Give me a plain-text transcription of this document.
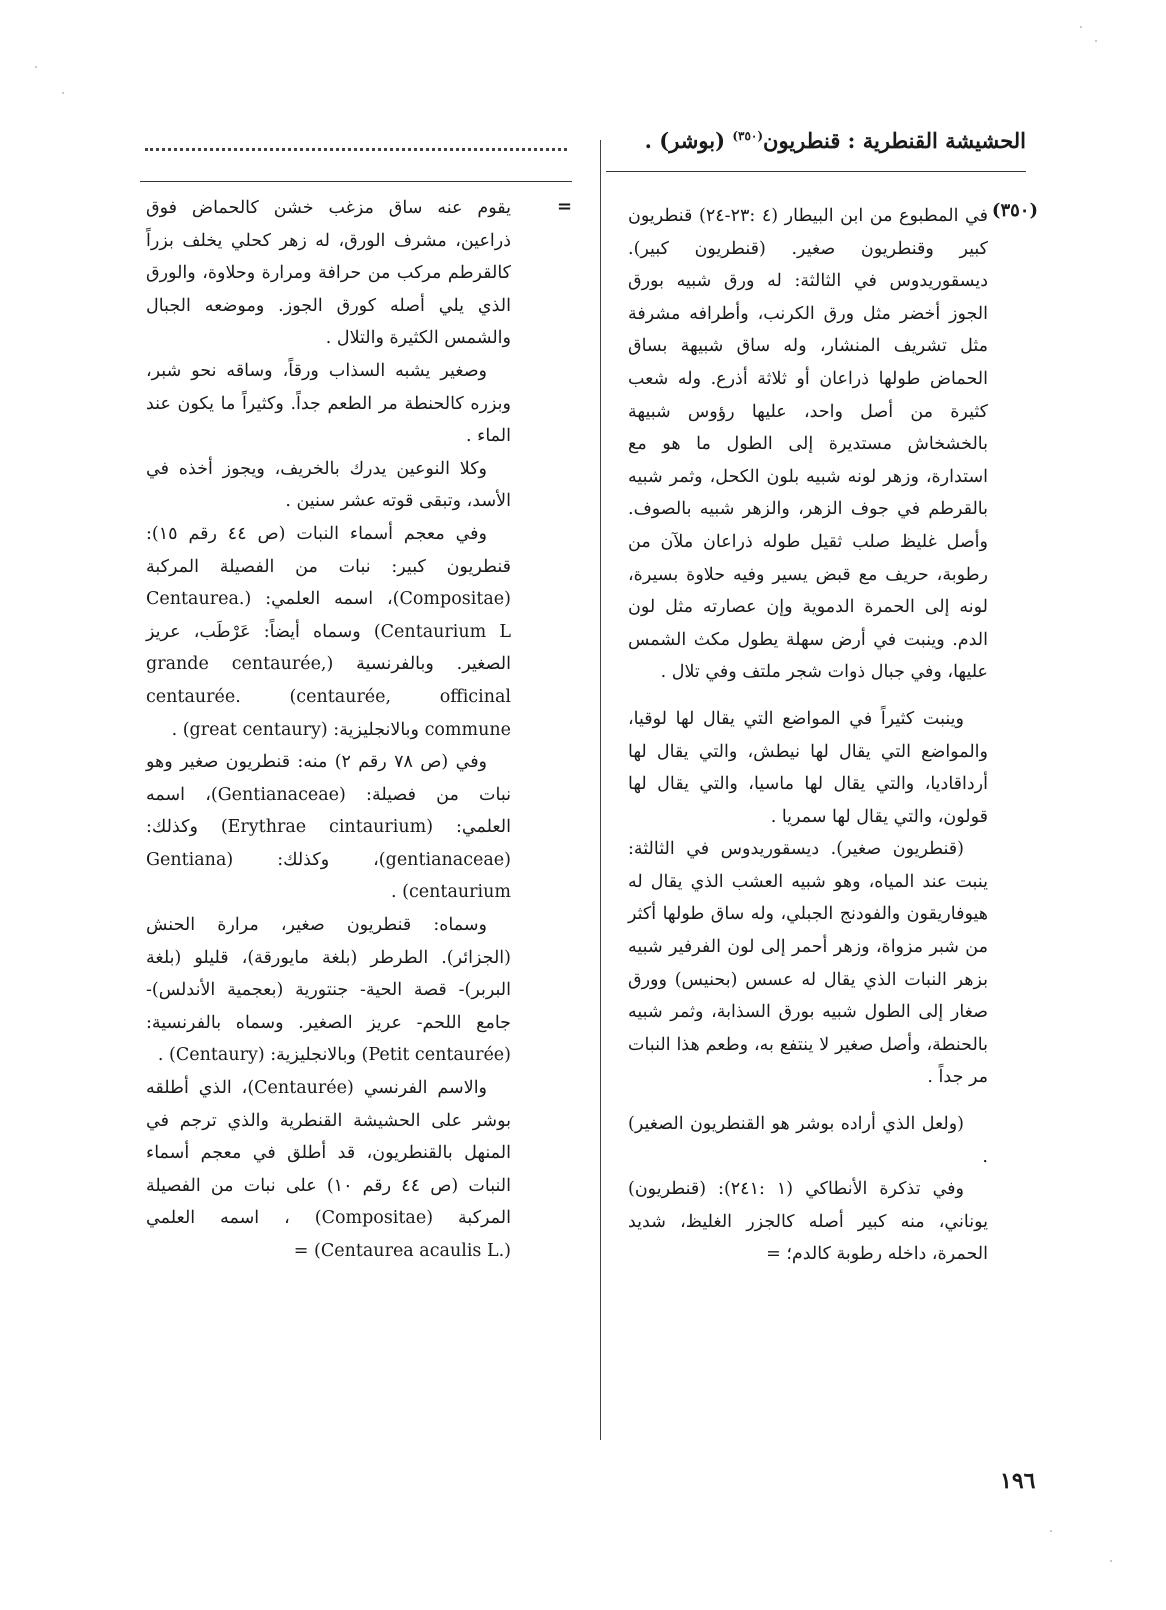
الحشيشة القنطرية : قنطريون$^{(٣٥٠)}$ (بوشر) .
(٣٥٠)

في المطبوع من ابن البيطار (٤ :٢٣-٢٤) قنطريون كبير وقنطريون صغير. (قنطريون كبير). ديسقوريدوس في الثالثة: له ورق شبيه بورق الجوز أخضر مثل ورق الكرنب، وأطرافه مشرفة مثل تشريف المنشار، وله ساق شبيهة بساق الحماض طولها ذراعان أو ثلاثة أذرع. وله شعب كثيرة من أصل واحد، عليها رؤوس شبيهة بالخشخاش مستديرة إلى الطول ما هو مع استدارة، وزهر لونه شبيه بلون الكحل، وثمر شبيه بالقرطم في جوف الزهر، والزهر شبيه بالصوف. وأصل غليظ صلب ثقيل طوله ذراعان ملآن من رطوبة، حريف مع قبض يسير وفيه حلاوة بسيرة، لونه إلى الحمرة الدموية وإن عصارته مثل لون الدم. وينبت في أرض سهلة يطول مكث الشمس عليها، وفي جبال ذوات شجر ملتف وفي تلال .

وينبت كثيراً في المواضع التي يقال لها لوقيا، والمواضع التي يقال لها نيطش، والتي يقال لها أرداقاديا، والتي يقال لها ماسيا، والتي يقال لها قولون، والتي يقال لها سمريا .

(قنطريون صغير). ديسقوريدوس في الثالثة: ينبت عند المياه، وهو شبيه العشب الذي يقال له هيوفاريقون والفودنج الجبلي، وله ساق طولها أكثر من شبر مزواة، وزهر أحمر إلى لون الفرفير شبيه بزهر النبات الذي يقال له عسس (بحنيس) وورق صغار إلى الطول شبيه بورق السذابة، وثمر شبيه بالحنطة، وأصل صغير لا ينتفع به، وطعم هذا النبات مر جداً .

(ولعل الذي أراده بوشر هو القنطريون الصغير) .

وفي تذكرة الأنطاكي (١ :٢٤١): (قنطريون) يوناني، منه كبير أصله كالجزر الغليظ، شديد الحمرة، داخله رطوبة كالدم؛ =

=

يقوم عنه ساق مزغب خشن كالحماض فوق ذراعين، مشرف الورق، له زهر كحلي يخلف بزراً كالقرطم مركب من حرافة ومرارة وحلاوة، والورق الذي يلي أصله كورق الجوز. وموضعه الجبال والشمس الكثيرة والتلال .

وصغير يشبه السذاب ورقاً، وساقه نحو شبر، وبزره كالحنطة مر الطعم جداً. وكثيراً ما يكون عند الماء .

وكلا النوعين يدرك بالخريف، ويجوز أخذه في الأسد، وتبقى قوته عشر سنين .

وفي معجم أسماء النبات (ص ٤٤ رقم ١٥): قنطريون كبير: نبات من الفصيلة المركبة (Compositae)، اسمه العلمي: (.Centaurea Centaurium L) وسماه أيضاً: عَرْطَب، عريز الصغير. وبالفرنسية (grande centaurée, centaurée, officinal) .centaurée commune وبالانجليزية: (great centaury) .

وفي (ص ٧٨ رقم ٢) منه: قنطريون صغير وهو نبات من فصيلة: (Gentianaceae)، اسمه العلمي: (Erythrae cintaurium) وكذلك: (gentianaceae)، وكذلك: (Gentiana centaurium) .

وسماه: قنطريون صغير، مرارة الحنش (الجزائر). الطرطر (بلغة مايورقة)، قليلو (بلغة البربر)- قصة الحية- جنتورية (بعجمية الأندلس)- جامع اللحم- عريز الصغير. وسماه بالفرنسية: (Petit centaurée) وبالانجليزية: (Centaury) .

والاسم الفرنسي (Centaurée)، الذي أطلقه بوشر على الحشيشة القنطرية والذي ترجم في المنهل بالقنطريون، قد أطلق في معجم أسماء النبات (ص ٤٤ رقم ١٠) على نبات من الفصيلة المركبة (Compositae) ، اسمه العلمي (.Centaurea acaulis L) =

١٩٦
